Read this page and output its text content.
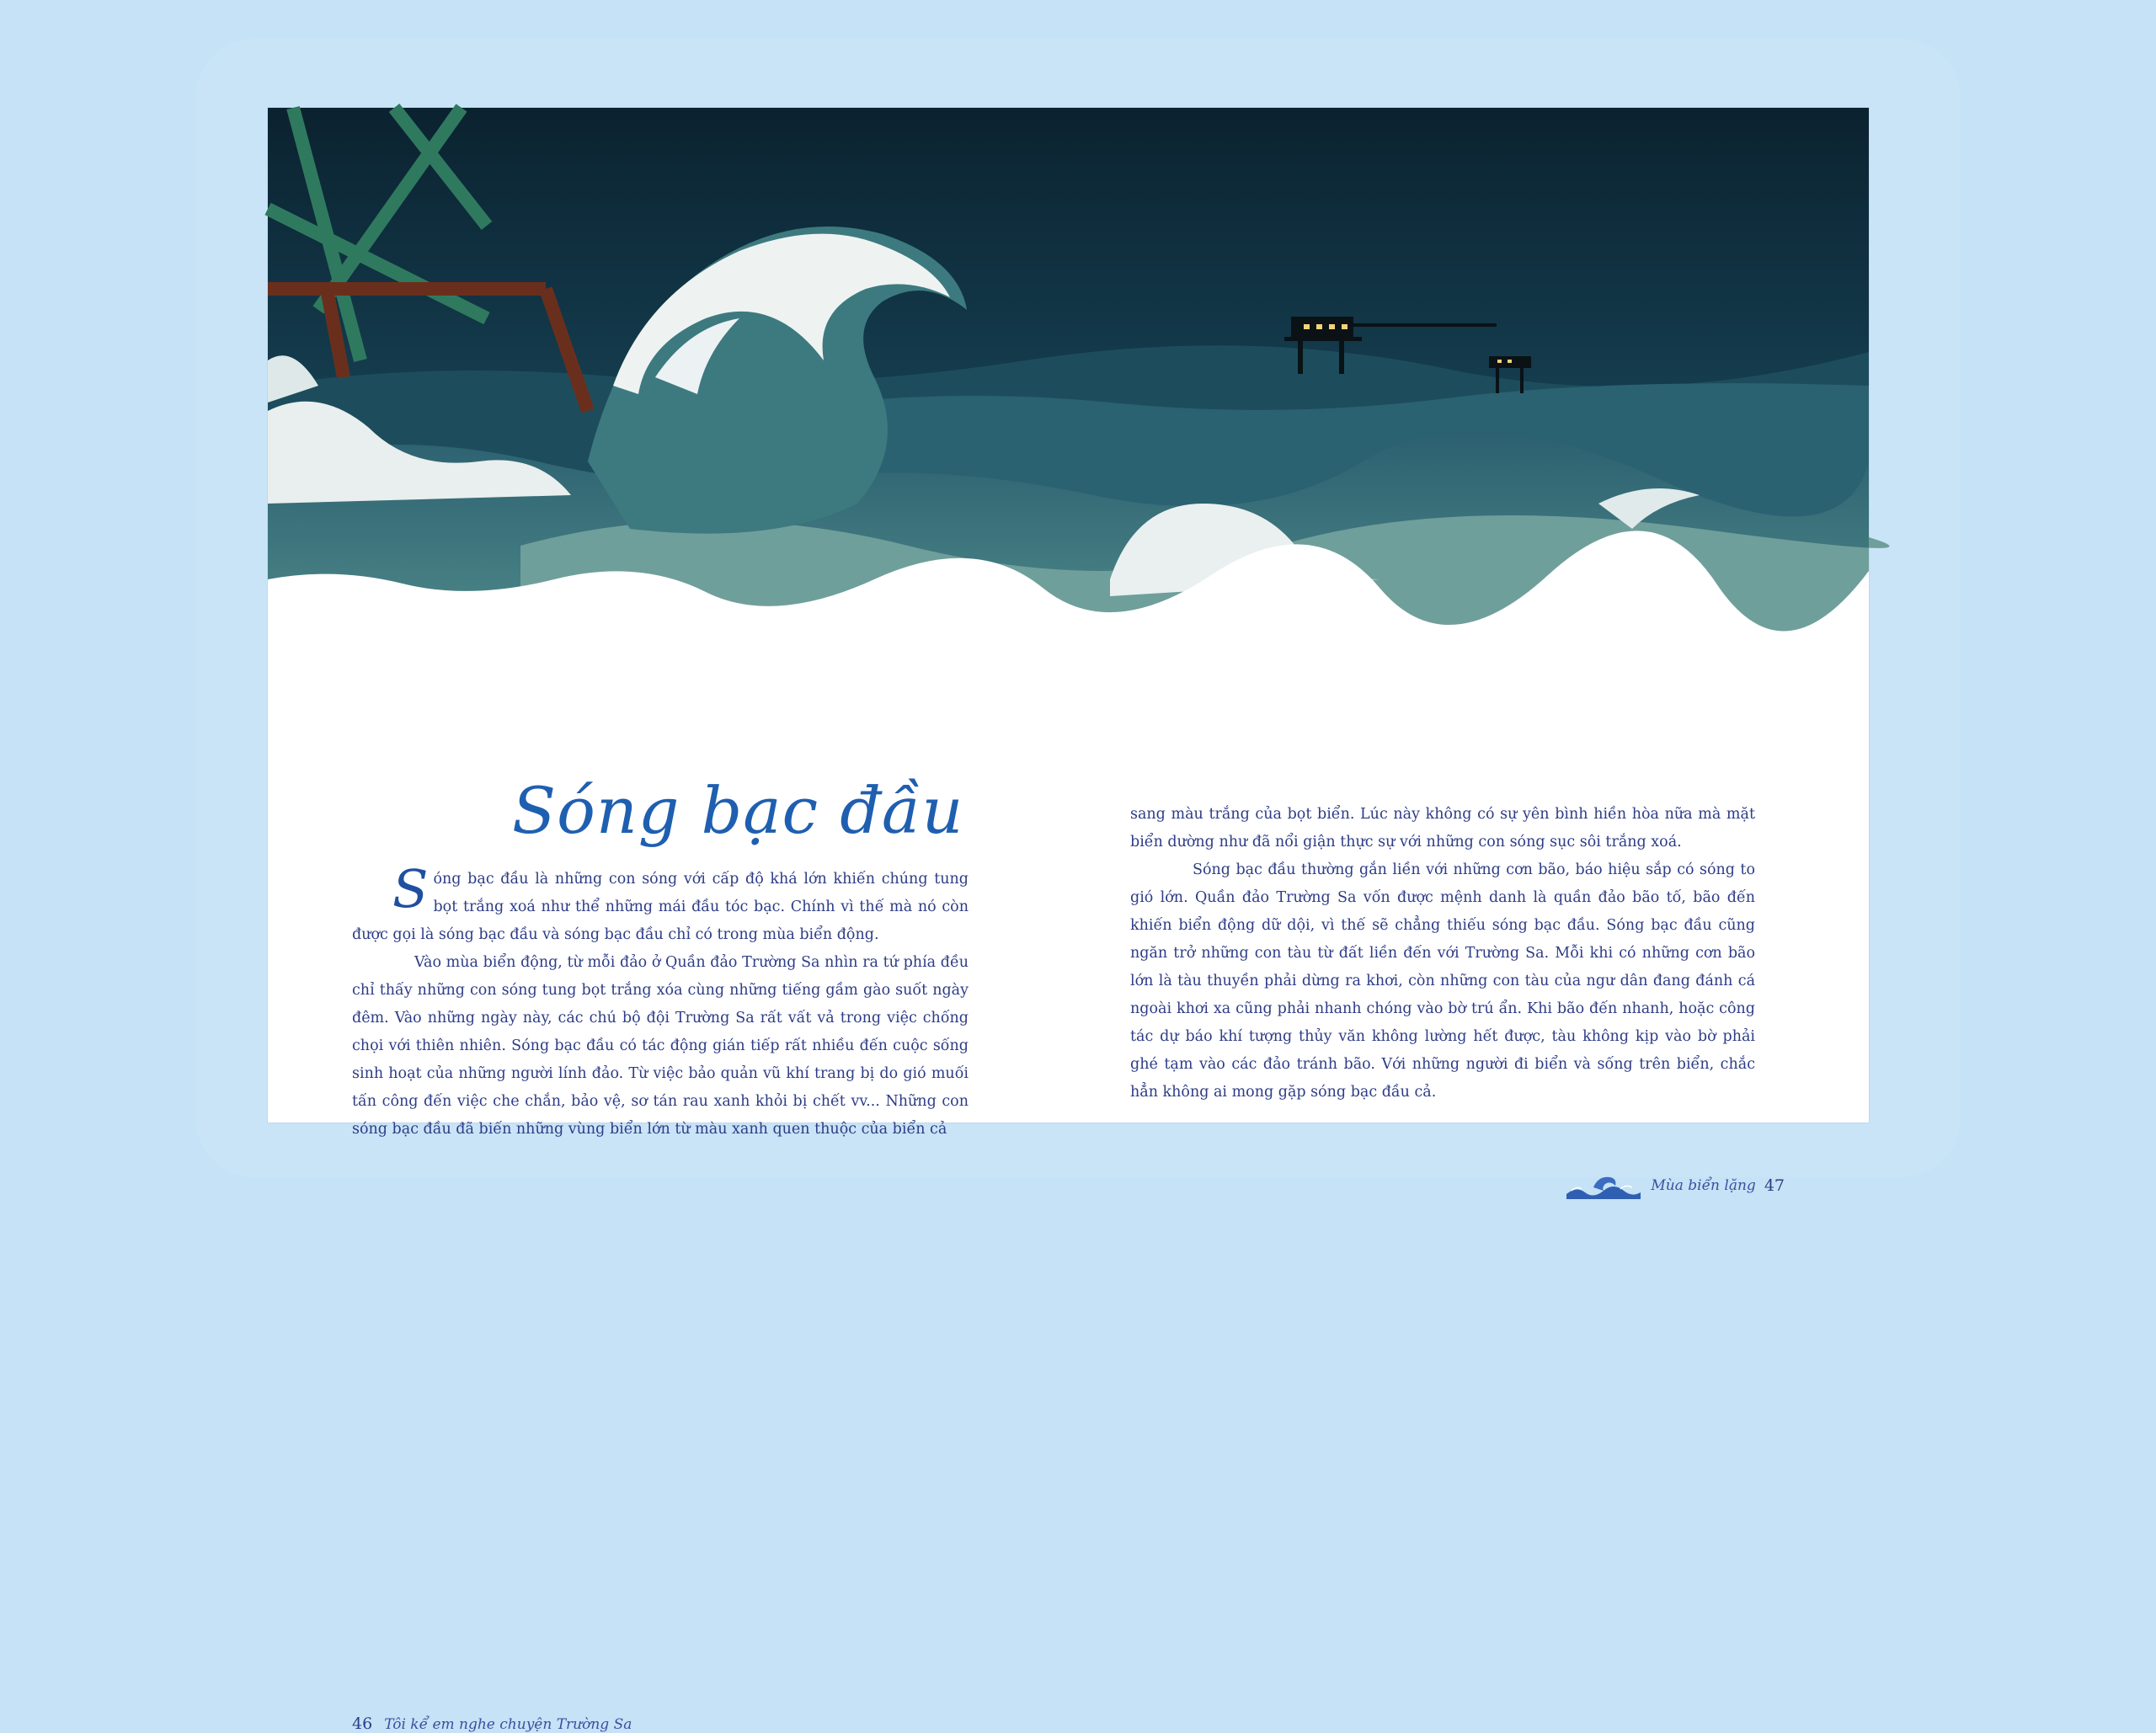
Sóng bạc đầu

Sóng bạc đầu là những con sóng với cấp độ khá lớn khiến chúng tung bọt trắng xoá như thể những mái đầu tóc bạc. Chính vì thế mà nó còn được gọi là sóng bạc đầu và sóng bạc đầu chỉ có trong mùa biển động.

Vào mùa biển động, từ mỗi đảo ở Quần đảo Trường Sa nhìn ra tứ phía đều chỉ thấy những con sóng tung bọt trắng xóa cùng những tiếng gầm gào suốt ngày đêm. Vào những ngày này, các chú bộ đội Trường Sa rất vất vả trong việc chống chọi với thiên nhiên. Sóng bạc đầu có tác động gián tiếp rất nhiều đến cuộc sống sinh hoạt của những người lính đảo. Từ việc bảo quản vũ khí trang bị do gió muối tấn công đến việc che chắn, bảo vệ, sơ tán rau xanh khỏi bị chết vv... Những con sóng bạc đầu đã biến những vùng biển lớn từ màu xanh quen thuộc của biển cả

46 Tôi kể em nghe chuyện Trường Sa

sang màu trắng của bọt biển. Lúc này không có sự yên bình hiền hòa nữa mà mặt biển dường như đã nổi giận thực sự với những con sóng sục sôi trắng xoá.

Sóng bạc đầu thường gắn liền với những cơn bão, báo hiệu sắp có sóng to gió lớn. Quần đảo Trường Sa vốn được mệnh danh là quần đảo bão tố, bão đến khiến biển động dữ dội, vì thế sẽ chẳng thiếu sóng bạc đầu. Sóng bạc đầu cũng ngăn trở những con tàu từ đất liền đến với Trường Sa. Mỗi khi có những cơn bão lớn là tàu thuyền phải dừng ra khơi, còn những con tàu của ngư dân đang đánh cá ngoài khơi xa cũng phải nhanh chóng vào bờ trú ẩn. Khi bão đến nhanh, hoặc công tác dự báo khí tượng thủy văn không lường hết được, tàu không kịp vào bờ phải ghé tạm vào các đảo tránh bão. Với những người đi biển và sống trên biển, chắc hẳn không ai mong gặp sóng bạc đầu cả.

Mùa biển lặng 47
